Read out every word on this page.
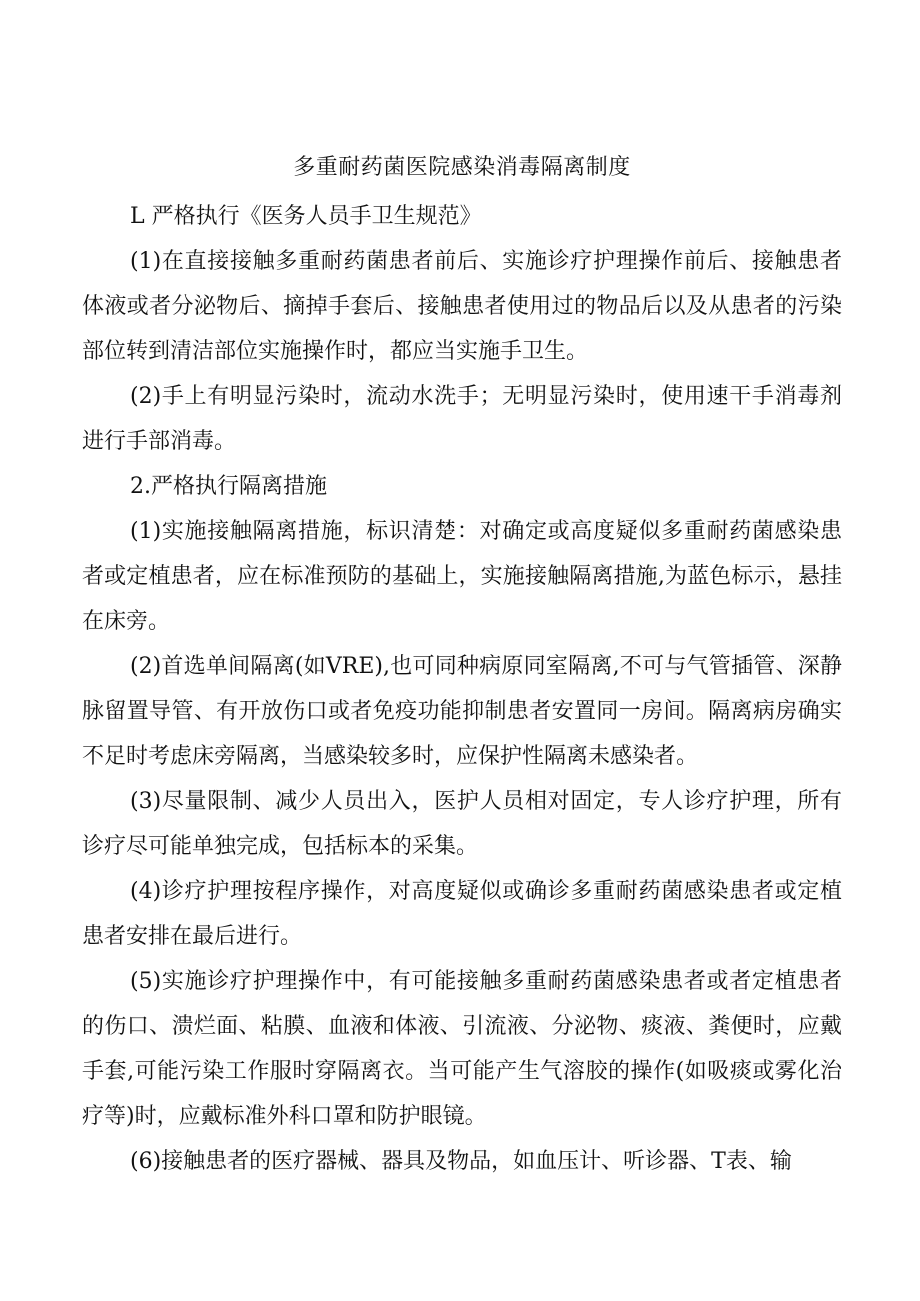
多重耐药菌医院感染消毒隔离制度

L 严格执行《医务人员手卫生规范》

(1)在直接接触多重耐药菌患者前后、实施诊疗护理操作前后、接触患者体液或者分泌物后、摘掉手套后、接触患者使用过的物品后以及从患者的污染部位转到清洁部位实施操作时，都应当实施手卫生。

(2)手上有明显污染时，流动水洗手；无明显污染时，使用速干手消毒剂进行手部消毒。

2.严格执行隔离措施

(1)实施接触隔离措施，标识清楚：对确定或高度疑似多重耐药菌感染患者或定植患者，应在标准预防的基础上，实施接触隔离措施,为蓝色标示，悬挂在床旁。

(2)首选单间隔离(如VRE),也可同种病原同室隔离,不可与气管插管、深静脉留置导管、有开放伤口或者免疫功能抑制患者安置同一房间。隔离病房确实不足时考虑床旁隔离，当感染较多时，应保护性隔离未感染者。

(3)尽量限制、减少人员出入，医护人员相对固定，专人诊疗护理，所有诊疗尽可能单独完成，包括标本的采集。

(4)诊疗护理按程序操作，对高度疑似或确诊多重耐药菌感染患者或定植患者安排在最后进行。

(5)实施诊疗护理操作中，有可能接触多重耐药菌感染患者或者定植患者的伤口、溃烂面、粘膜、血液和体液、引流液、分泌物、痰液、粪便时，应戴手套,可能污染工作服时穿隔离衣。当可能产生气溶胶的操作(如吸痰或雾化治疗等)时，应戴标准外科口罩和防护眼镜。

(6)接触患者的医疗器械、器具及物品，如血压计、听诊器、T表、输
